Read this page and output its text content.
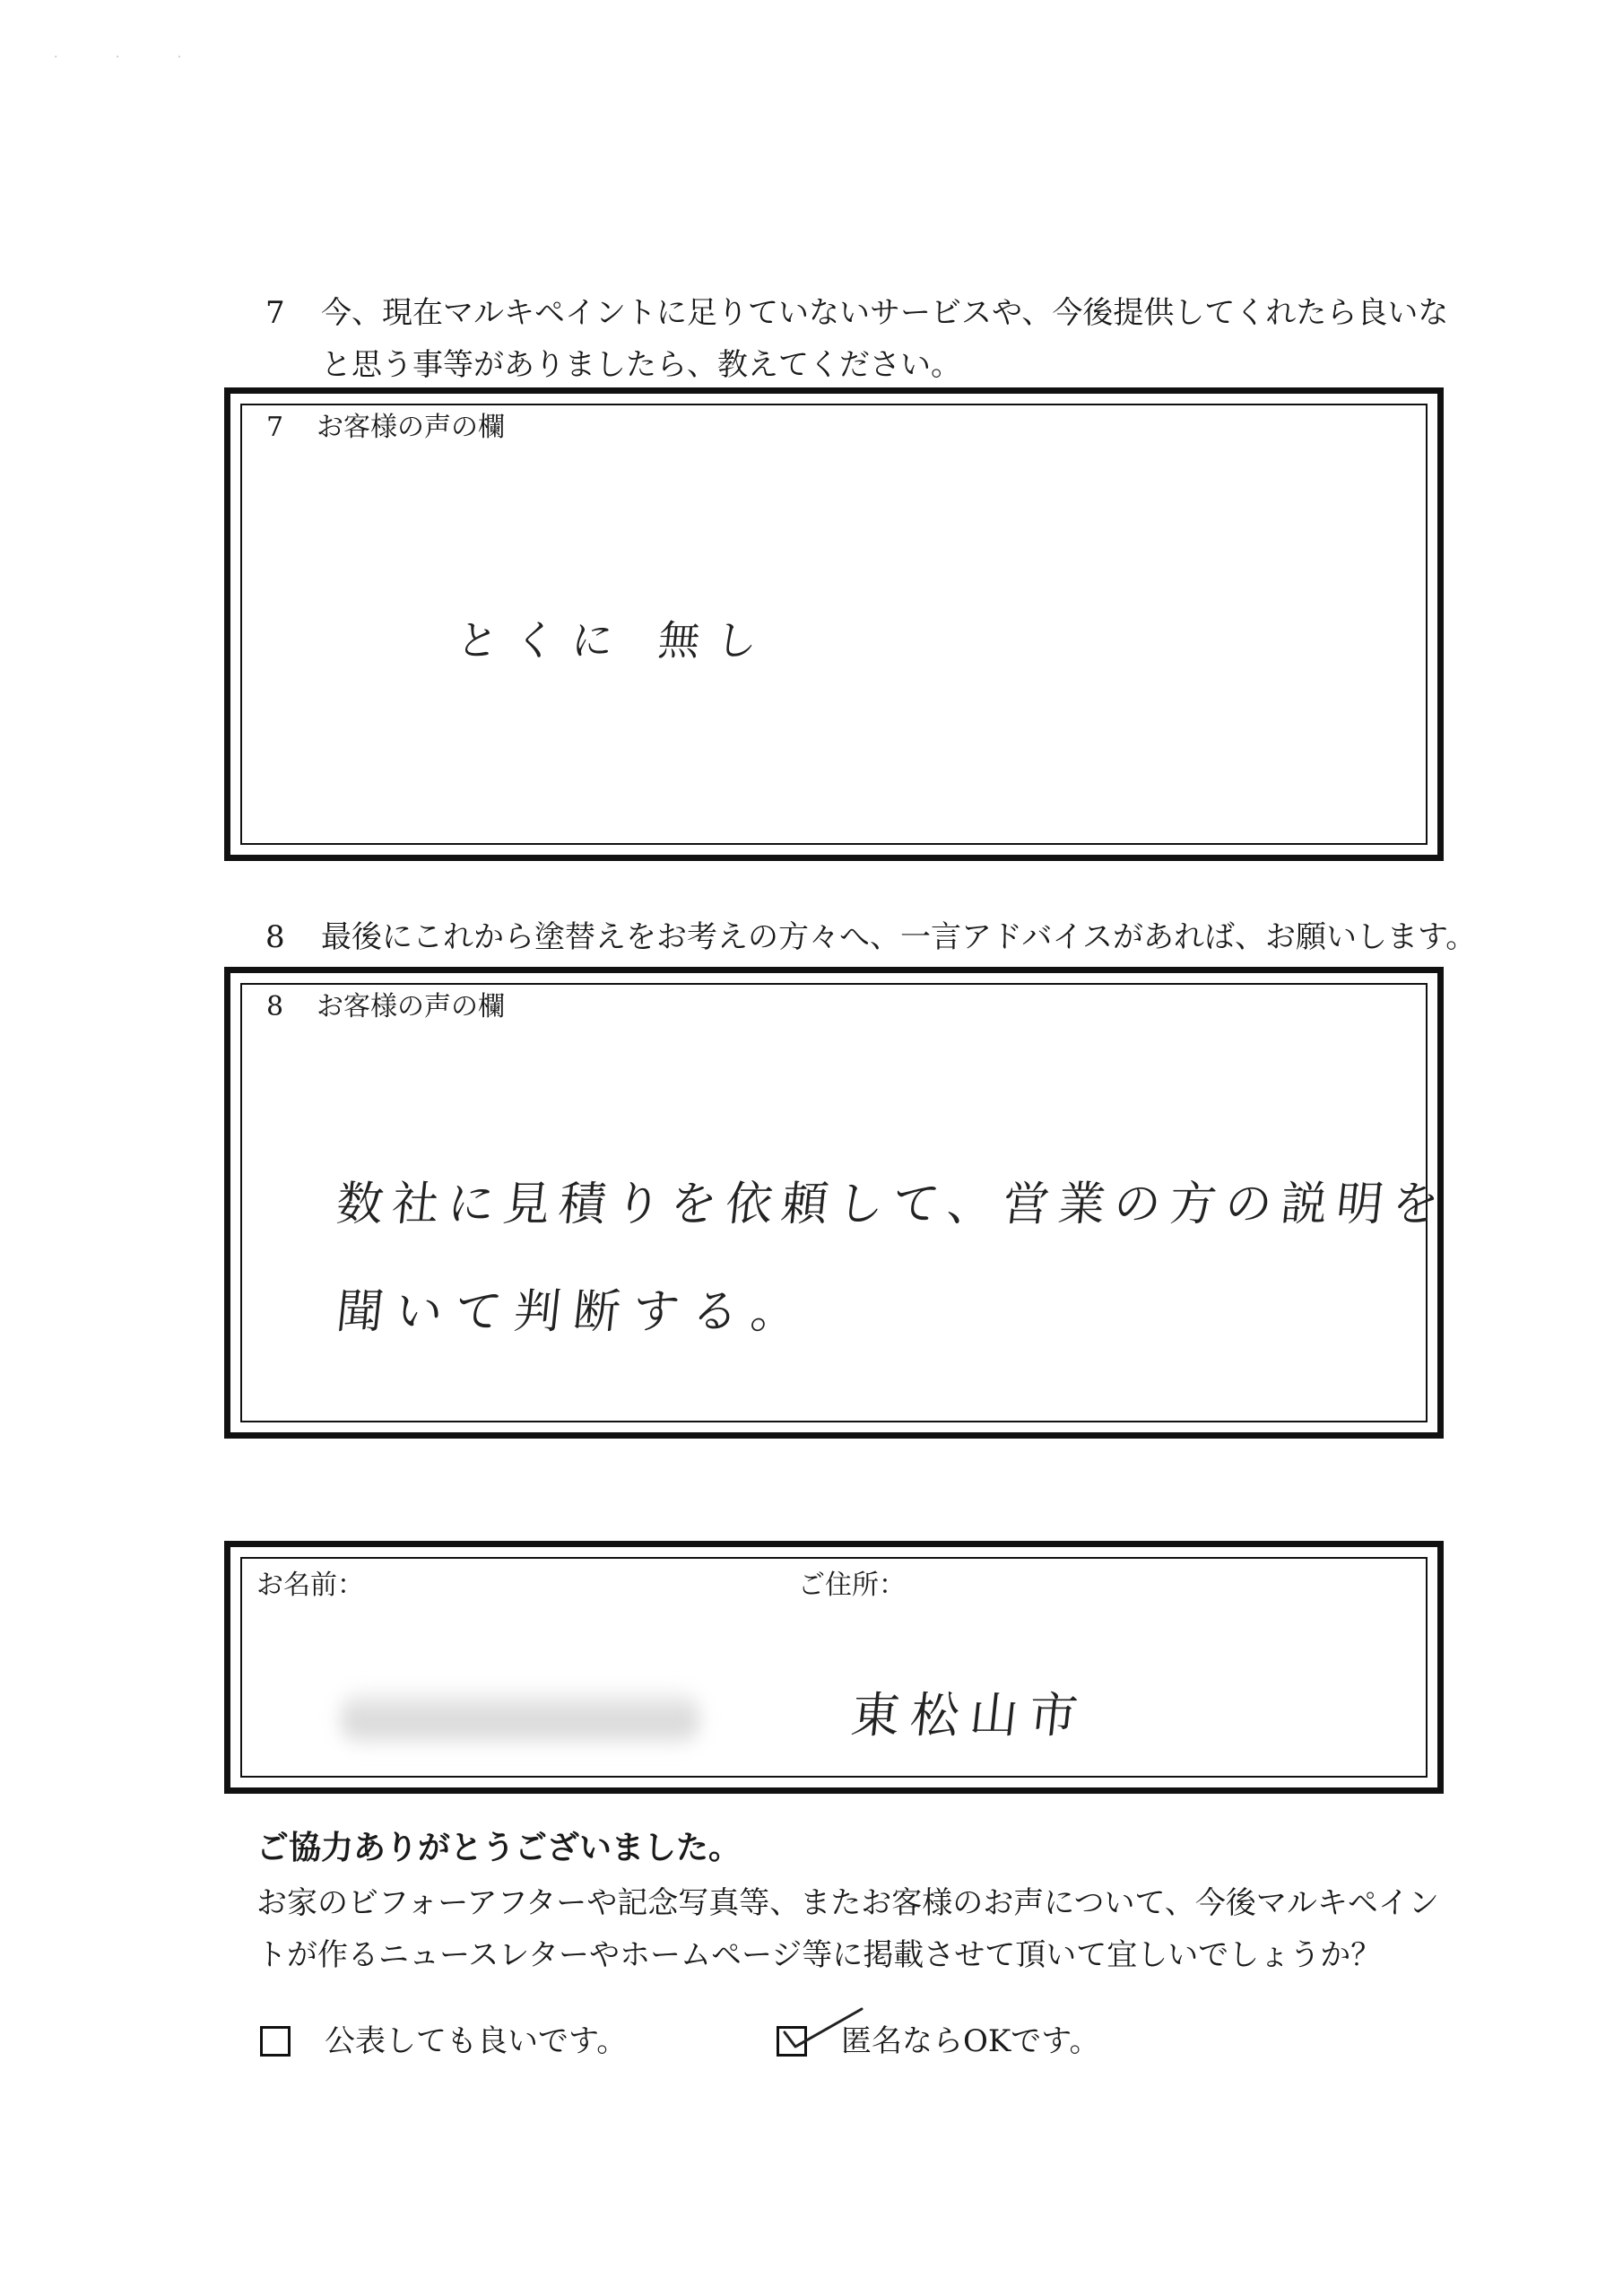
· · ·
7 今、現在マルキペイントに足りていないサービスや、今後提供してくれたら良いな
と思う事等がありましたら、教えてください。
7 お客様の声の欄
とくに 無し
8 最後にこれから塗替えをお考えの方々へ、一言アドバイスがあれば、お願いします。
8 お客様の声の欄
数社に見積りを依頼して、営業の方の説明を
聞いて判断する。
お名前：	ご住所：
東松山市
ご協力ありがとうございました。
お家のビフォーアフターや記念写真等、またお客様のお声について、今後マルキペイン
トが作るニュースレターやホームページ等に掲載させて頂いて宜しいでしょうか？
公表しても良いです。	匿名ならOKです。
